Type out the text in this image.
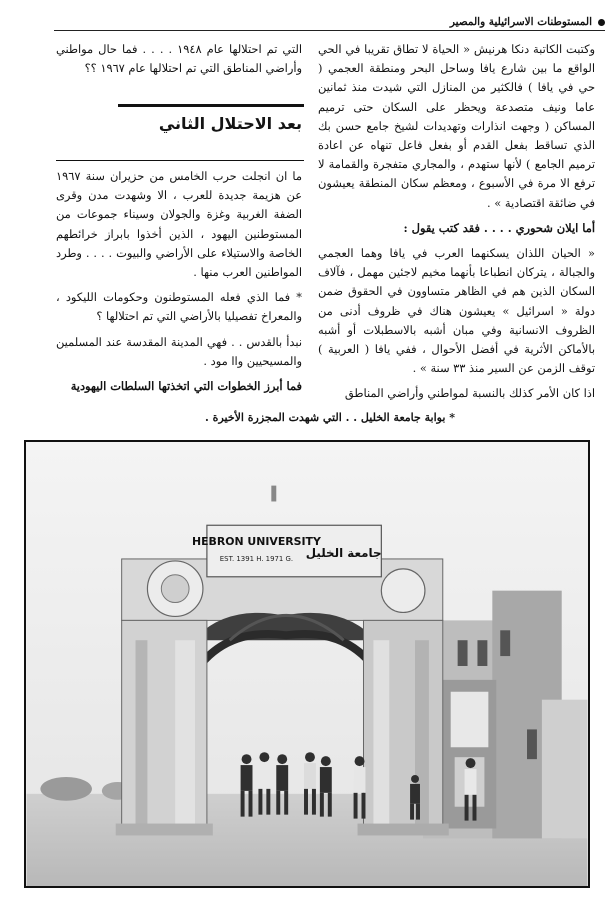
المستوطنات الاسرائيلية والمصير

وكتبت الكاتبة دنكا هرنيش « الحياة لا تطاق تقريبا في الحي الواقع ما بين شارع يافا وساحل البحر ومنطقة العجمي ( حي في يافا ) فالكثير من المنازل التي شيدت منذ ثمانين عاما ونيف متصدعة ويحظر على السكان حتى ترميم المساكن ( وجهت انذارات وتهديدات لشيخ جامع حسن بك الذي تساقط بفعل القدم أو بفعل فاعل تنهاه عن اعادة ترميم الجامع ) لأنها ستهدم ، والمجاري متفجرة والقمامة لا ترفع الا مرة في الأسبوع ، ومعظم سكان المنطقة يعيشون في ضائقة اقتصادية » .

أما ايلان شحوري . . . . فقد كتب يقول :

« الحيان اللذان يسكنهما العرب في يافا وهما العجمي والجبالة ، يتركان انطباعا بأنهما مخيم لاجئين مهمل ، فآلاف السكان الذين هم في الظاهر متساوون في الحقوق ضمن دولة « اسرائيل » يعيشون هناك في ظروف أدنى من الظروف الانسانية وفي مبان أشبه بالاسطبلات أو أشبه بالأماكن الأثرية في أفضل الأحوال ، ففي يافا ( العربية ) توقف الزمن عن السير منذ ٣٣ سنة » .

اذا كان الأمر كذلك بالنسبة لمواطني وأراضي المناطق

التي تم احتلالها عام ١٩٤٨ . . . . فما حال مواطني وأراضي المناطق التي تم احتلالها عام ١٩٦٧ ؟؟

بعد الاحتلال الثاني

ما ان انجلت حرب الخامس من حزيران سنة ١٩٦٧ عن هزيمة جديدة للعرب ، الا وشهدت مدن وقرى الضفة الغربية وغزة والجولان وسيناء جموعات من المستوطنين اليهود ، الذين أخذوا بابراز خرائطهم الخاصة والاستيلاء على الأراضي والبيوت . . . . وطرد المواطنين العرب منها .

* فما الذي فعله المستوطنون وحكومات الليكود ، والمعراخ تفصيليا بالأراضي التي تم احتلالها ؟

نبدأ بالقدس . . فهي المدينة المقدسة عند المسلمين والمسيحيين واا مود .

فما أبرز الخطوات التي اتخذتها السلطات اليهودية

* بوابة جامعة الخليل . . التي شهدت المجزرة الأخيرة .
HEBRON UNIVERSITY
EST. 1391 H. 1971 G. جامعة الخليل
